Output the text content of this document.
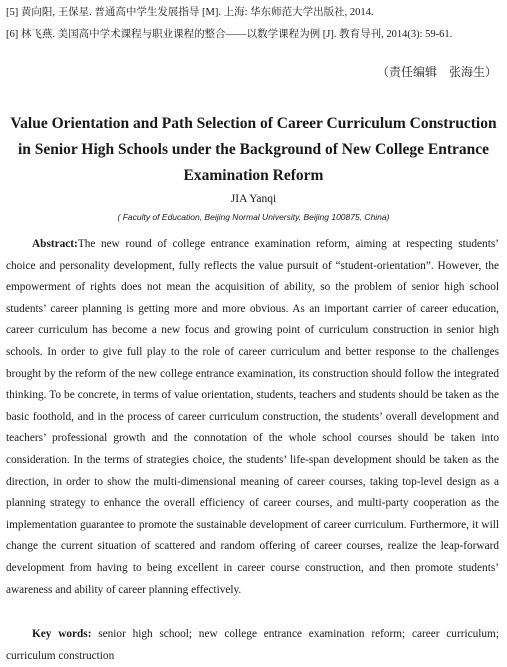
[5] 黄向阳, 王保星. 普通高中学生发展指导 [M]. 上海: 华东师范大学出版社, 2014.
[6] 林飞燕. 美国高中学术课程与职业课程的整合——以数学课程为例 [J]. 教育导刊, 2014(3): 59-61.
（责任编辑　张海生）
Value Orientation and Path Selection of Career Curriculum Construction in Senior High Schools under the Background of New College Entrance Examination Reform
JIA Yanqi
( Faculty of Education, Beijing Normal University, Beijing 100875, China)
Abstract:The new round of college entrance examination reform, aiming at respecting students’ choice and personality development, fully reflects the value pursuit of “student-orientation”. However, the empowerment of rights does not mean the acquisition of ability, so the problem of senior high school students’ career planning is getting more and more obvious. As an important carrier of career education, career curriculum has become a new focus and growing point of curriculum construction in senior high schools. In order to give full play to the role of career curriculum and better response to the challenges brought by the reform of the new college entrance examination, its construction should follow the integrated thinking. To be concrete, in terms of value orientation, students, teachers and students should be taken as the basic foothold, and in the process of career curriculum construction, the students’ overall development and teachers’ professional growth and the connotation of the whole school courses should be taken into consideration. In the terms of strategies choice, the students’ life-span development should be taken as the direction, in order to show the multi-dimensional meaning of career courses, taking top-level design as a planning strategy to enhance the overall efficiency of career courses, and multi-party cooperation as the implementation guarantee to promote the sustainable development of career curriculum. Furthermore, it will change the current situation of scattered and random offering of career courses, realize the leap-forward development from having to being excellent in career course construction, and then promote students’ awareness and ability of career planning effectively.
Key words: senior high school; new college entrance examination reform; career curriculum; curriculum construction
